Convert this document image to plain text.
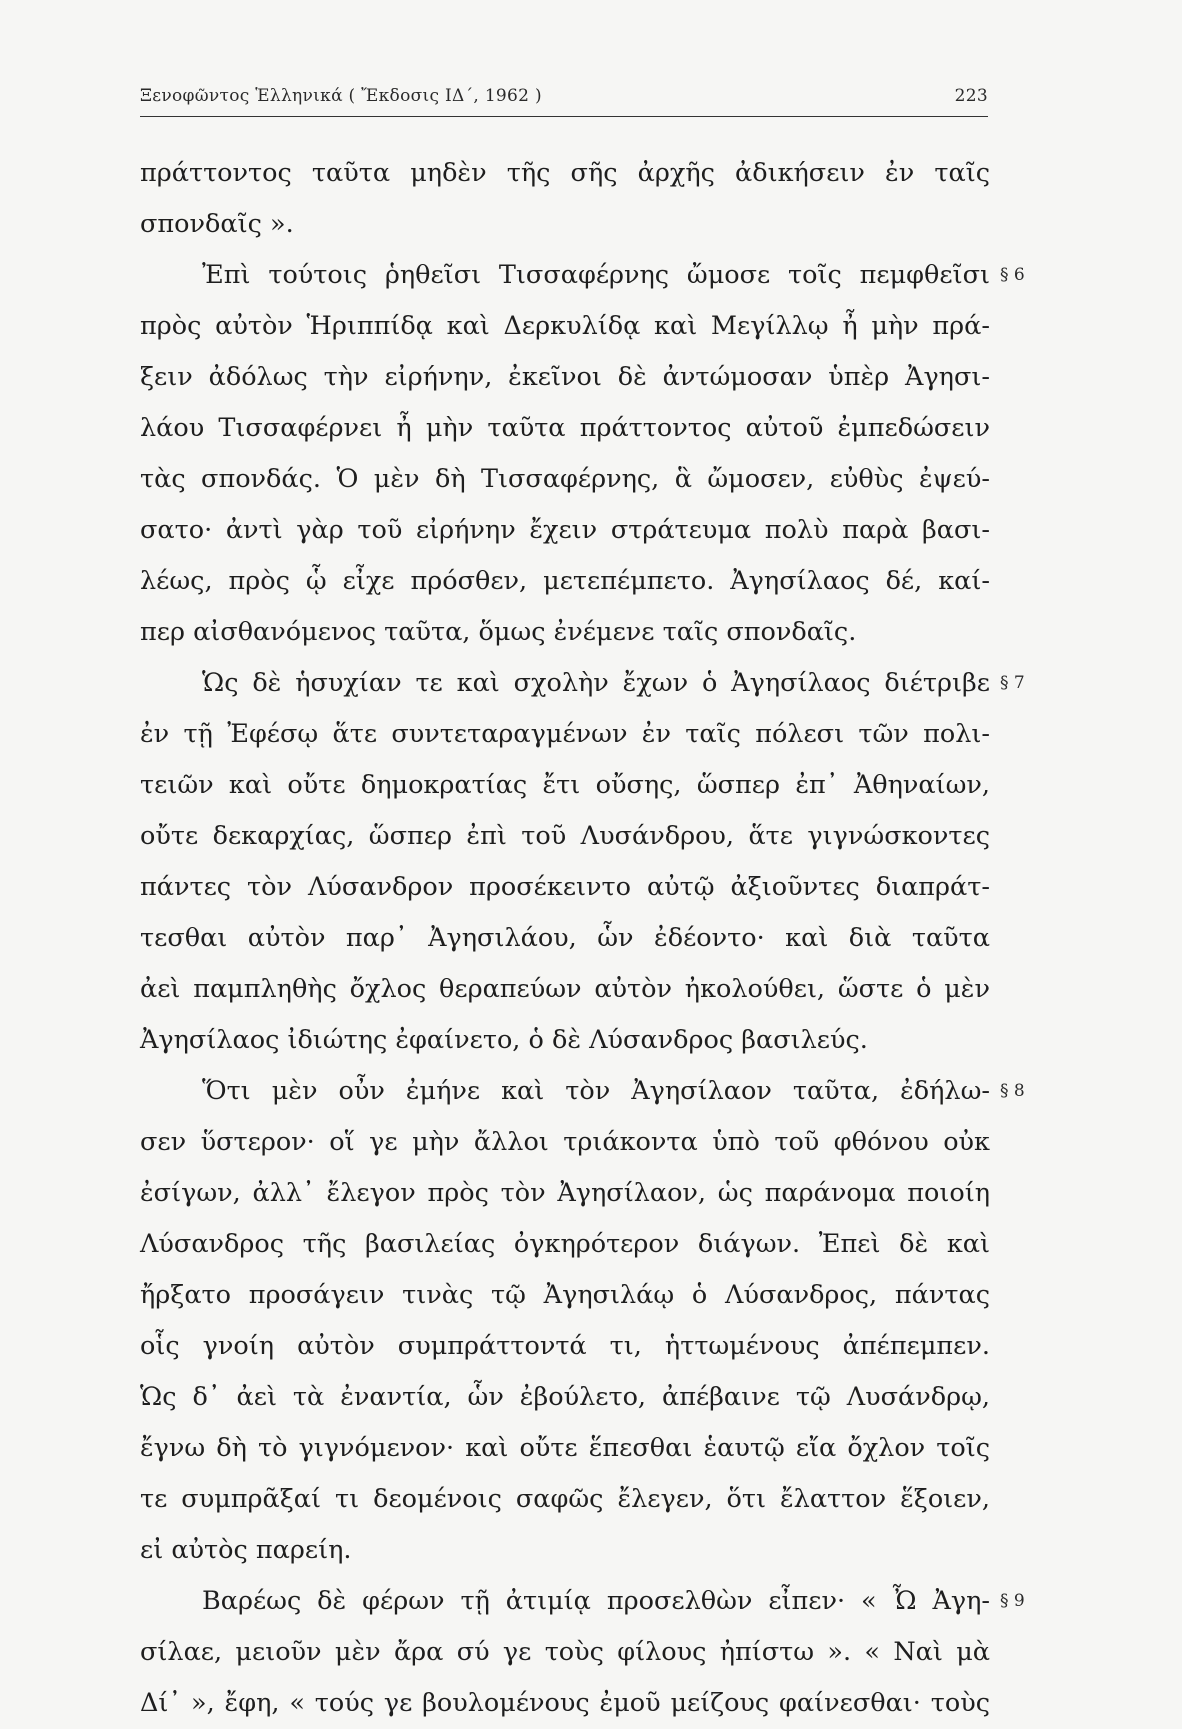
Ξενοφῶντος Ἑλληνικά ( Ἔκδοσις ΙΔ΄, 1962 )	223
πράττοντος ταῦτα μηδὲν τῆς σῆς ἀρχῆς ἀδικήσειν ἐν ταῖς
σπονδαῖς ».
Ἐπὶ τούτοις ῥηθεῖσι Τισσαφέρνης ὤμοσε τοῖς πεμφθεῖσι § 6
πρὸς αὐτὸν Ἡριππίδᾳ καὶ Δερκυλίδᾳ καὶ Μεγίλλῳ ἦ μὴν πρά-
ξειν ἀδόλως τὴν εἰρήνην, ἐκεῖνοι δὲ ἀντώμοσαν ὑπὲρ Ἀγησι-
λάου Τισσαφέρνει ἦ μὴν ταῦτα πράττοντος αὐτοῦ ἐμπεδώσειν
τὰς σπονδάς. Ὁ μὲν δὴ Τισσαφέρνης, ἃ ὤμοσεν, εὐθὺς ἐψεύ-
σατο· ἀντὶ γὰρ τοῦ εἰρήνην ἔχειν στράτευμα πολὺ παρὰ βασι-
λέως, πρὸς ᾧ εἶχε πρόσθεν, μετεπέμπετο. Ἀγησίλαος δέ, καί-
περ αἰσθανόμενος ταῦτα, ὅμως ἐνέμενε ταῖς σπονδαῖς.
Ὡς δὲ ἡσυχίαν τε καὶ σχολὴν ἔχων ὁ Ἀγησίλαος διέτριβε § 7
ἐν τῇ Ἐφέσῳ ἅτε συντεταραγμένων ἐν ταῖς πόλεσι τῶν πολι-
τειῶν καὶ οὔτε δημοκρατίας ἔτι οὔσης, ὥσπερ ἐπ᾽ Ἀθηναίων,
οὔτε δεκαρχίας, ὥσπερ ἐπὶ τοῦ Λυσάνδρου, ἅτε γιγνώσκοντες
πάντες τὸν Λύσανδρον προσέκειντο αὐτῷ ἀξιοῦντες διαπράτ-
τεσθαι αὐτὸν παρ᾽ Ἀγησιλάου, ὧν ἐδέοντο· καὶ διὰ ταῦτα
ἀεὶ παμπληθὴς ὄχλος θεραπεύων αὐτὸν ἠκολούθει, ὥστε ὁ μὲν
Ἀγησίλαος ἰδιώτης ἐφαίνετο, ὁ δὲ Λύσανδρος βασιλεύς.
Ὅτι μὲν οὖν ἐμήνε καὶ τὸν Ἀγησίλαον ταῦτα, ἐδήλω- § 8
σεν ὕστερον· οἵ γε μὴν ἄλλοι τριάκοντα ὑπὸ τοῦ φθόνου οὐκ
ἐσίγων, ἀλλ᾽ ἔλεγον πρὸς τὸν Ἀγησίλαον, ὡς παράνομα ποιοίη
Λύσανδρος τῆς βασιλείας ὀγκηρότερον διάγων. Ἐπεὶ δὲ καὶ
ἤρξατο προσάγειν τινὰς τῷ Ἀγησιλάῳ ὁ Λύσανδρος, πάντας
οἷς γνοίη αὐτὸν συμπράττοντά τι, ἡττωμένους ἀπέπεμπεν.
Ὡς δ᾽ ἀεὶ τὰ ἐναντία, ὧν ἐβούλετο, ἀπέβαινε τῷ Λυσάνδρῳ,
ἔγνω δὴ τὸ γιγνόμενον· καὶ οὔτε ἕπεσθαι ἑαυτῷ εἴα ὄχλον τοῖς
τε συμπρᾶξαί τι δεομένοις σαφῶς ἔλεγεν, ὅτι ἔλαττον ἕξοιεν,
εἰ αὐτὸς παρείη.
Βαρέως δὲ φέρων τῇ ἀτιμίᾳ προσελθὼν εἶπεν· « Ὦ Ἀγη- § 9
σίλαε, μειοῦν μὲν ἄρα σύ γε τοὺς φίλους ἠπίστω ». « Ναὶ μὰ
Δί᾽ », ἔφη, « τούς γε βουλομένους ἐμοῦ μείζους φαίνεσθαι· τοὺς
